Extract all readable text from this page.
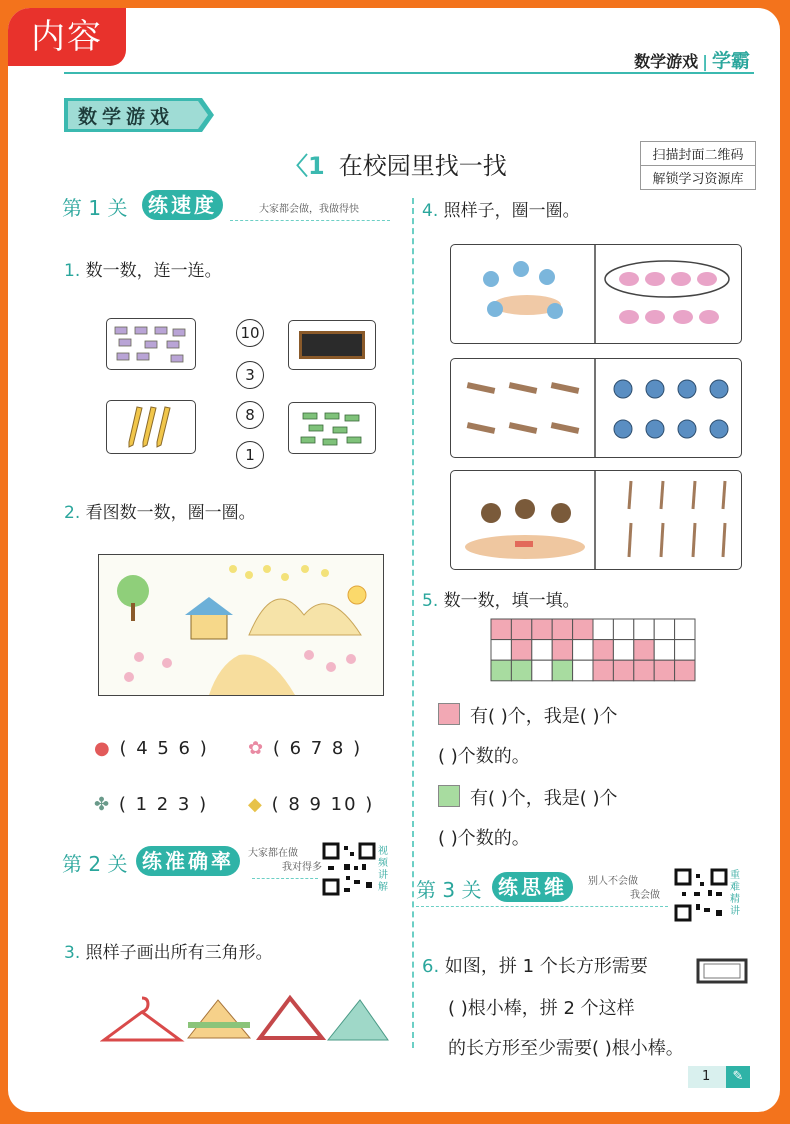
内容
数学游戏 | 学霸
数学游戏
〈1 在校园里找一找	扫描封面二维码
解锁学习资源库
第 1 关	练速度	大家都会做，我做得快
1. 数一数，连一连。
10
3
8
1
2. 看图数一数，圈一圈。
● ( 4 5 6 ) ✿ ( 6 7 8 )
✤ ( 1 2 3 ) ◆ ( 8 9 10 )
第 2 关 练准确率	大家都在做
我对得多
视频讲解
3. 照样子画出所有三角形。
4. 照样子，圈一圈。
5. 数一数，填一填。
有( )个，我是( )个
( )个数的。
有( )个，我是( )个
( )个数的。
第 3 关 练思维	别人不会做
我会做
重难精讲
6. 如图，拼 1 个长方形需要
( )根小棒，拼 2 个这样
的长方形至少需要( )根小棒。
1	✎
